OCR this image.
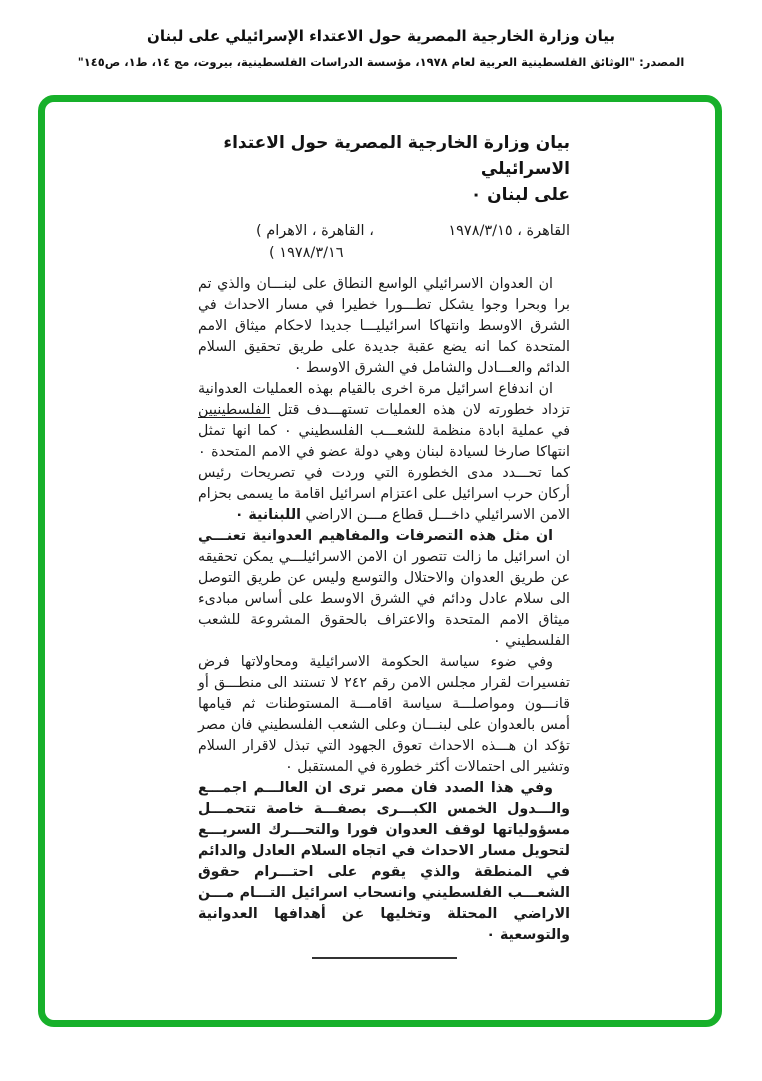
بيان وزارة الخارجية المصرية حول الاعتداء الإسرائيلي على لبنان
المصدر: "الوثائق الفلسطينية العربية لعام ١٩٧٨، مؤسسة الدراسات الفلسطينية، بيروت، مج ١٤، ط١، ص١٤٥"
بيان وزارة الخارجية المصرية حول الاعتداء الاسرائيلي
على لبنان ٠
( ⁧الاهرام⁩ ، ⁧القاهرة⁩ ،
( ١٩٧٨/٣/١٦
القاهرة ، ١٩٧٨/٣/١٥

ان العدوان الاسرائيلي الواسع النطاق على لبنـــان والذي تم برا وبحرا وجوا يشكل تطـــورا خطيرا في مسار الاحداث في الشرق الاوسط وانتهاكا اسرائيليـــا جديدا لاحكام ميثاق الامم المتحدة كما انه يضع عقبة جديدة على طريق تحقيق السلام الدائم والعـــادل والشامل في الشرق الاوسط ٠

ان اندفاع اسرائيل مرة اخرى بالقيام بهذه العمليات العدوانية تزداد خطورته لان هذه العمليات تستهـــدف قتل الفلسطينيين في عملية ابادة منظمة للشعـــب الفلسطيني ٠ كما انها تمثل انتهاكا صارخا لسيادة لبنان وهي دولة عضو في الامم المتحدة ٠ كما تحـــدد مدى الخطورة التي وردت في تصريحات رئيس أركان حرب اسرائيل على اعتزام اسرائيل اقامة ما يسمى بحزام الامن الاسرائيلي داخـــل قطاع مـــن الاراضي اللبنانية ٠

ان مثل هذه التصرفات والمفاهيم العدوانية تعنـــي ان اسرائيل ما زالت تتصور ان الامن الاسرائيلـــي يمكن تحقيقه عن طريق العدوان والاحتلال والتوسع وليس عن طريق التوصل الى سلام عادل ودائم في الشرق الاوسط على أساس مبادىء ميثاق الامم المتحدة والاعتراف بالحقوق المشروعة للشعب الفلسطيني ٠

وفي ضوء سياسة الحكومة الاسرائيلية ومحاولاتها فرض تفسيرات لقرار مجلس الامن رقم ٢٤٢ لا تستند الى منطـــق أو قانـــون ومواصلـــة سياسة اقامـــة المستوطنات ثم قيامها أمس بالعدوان على لبنـــان وعلى الشعب الفلسطيني فان مصر تؤكد ان هـــذه الاحداث تعوق الجهود التي تبذل لاقرار السلام وتشير الى احتمالات أكثر خطورة في المستقبل ٠

وفي هذا الصدد فان مصر ترى ان العالـــم اجمـــع والـــدول الخمس الكبـــرى بصفـــة خاصة تتحمـــل مسؤولياتها لوقف العدوان فورا والتحـــرك السريـــع لتحويل مسار الاحداث في اتجاه السلام العادل والدائم في المنطقة والذي يقوم على احتـــرام حقوق الشعـــب الفلسطيني وانسحاب اسرائيل التـــام مـــن الاراضي المحتلة وتخليها عن أهدافها العدوانية والتوسعية ٠
